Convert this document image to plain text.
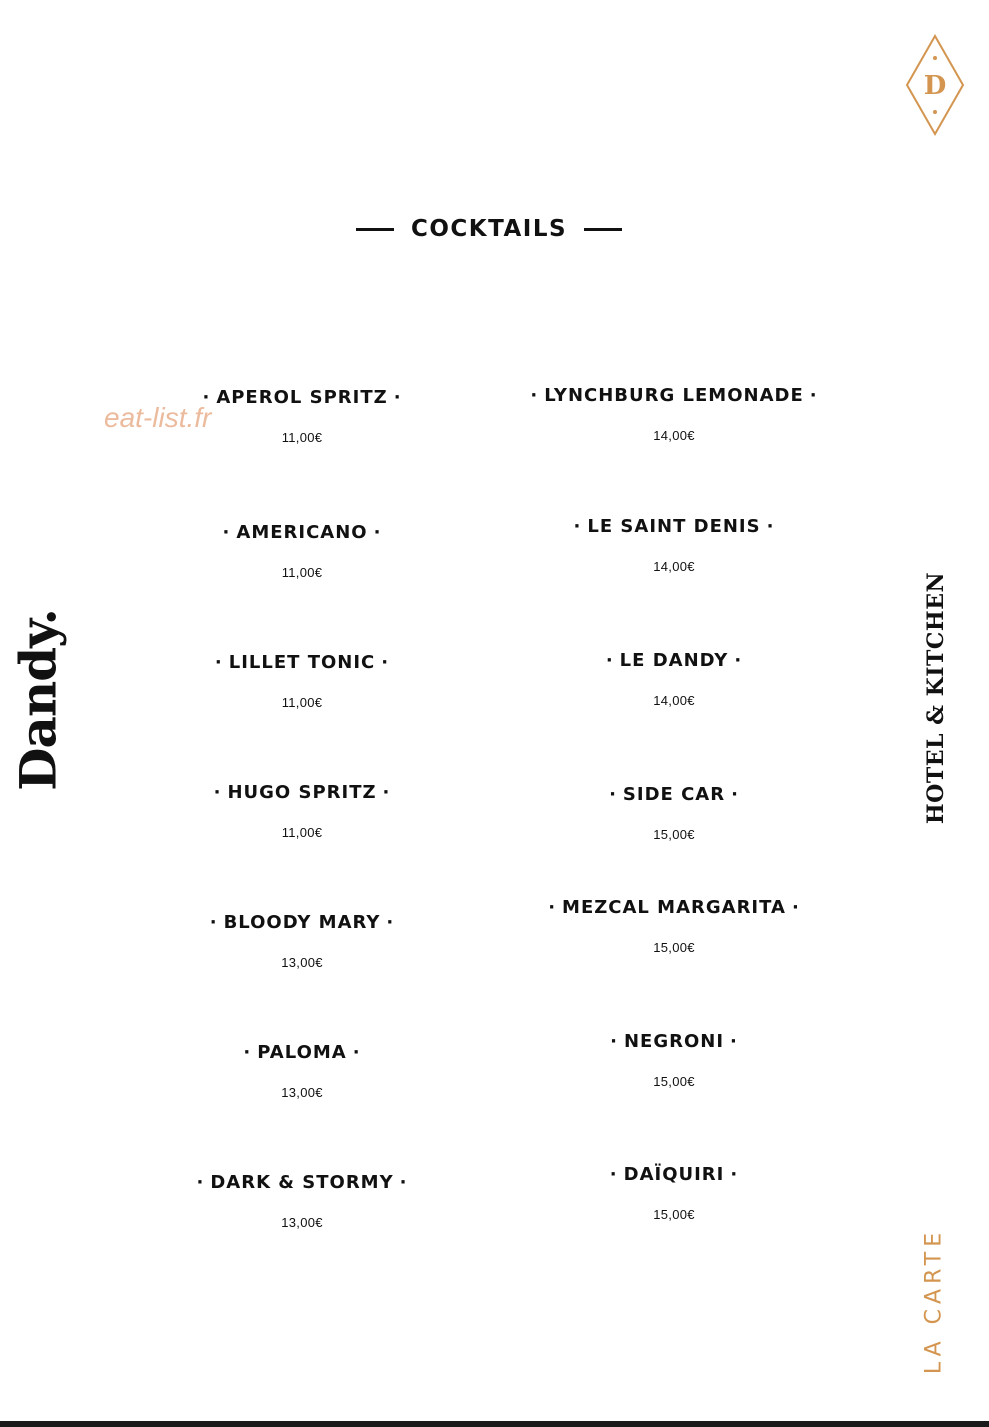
D
COCKTAILS
· APEROL SPRITZ ·
11,00€
· AMERICANO ·
11,00€
· LILLET TONIC ·
11,00€
· HUGO SPRITZ ·
11,00€
· BLOODY MARY ·
13,00€
· PALOMA ·
13,00€
· DARK & STORMY ·
13,00€
· LYNCHBURG LEMONADE ·
14,00€
· LE SAINT DENIS ·
14,00€
· LE DANDY ·
14,00€
· SIDE CAR ·
15,00€
· MEZCAL MARGARITA ·
15,00€
· NEGRONI ·
15,00€
· DAÏQUIRI ·
15,00€
eat-list.fr
Dandy.	HOTEL & KITCHEN
LA CARTE
